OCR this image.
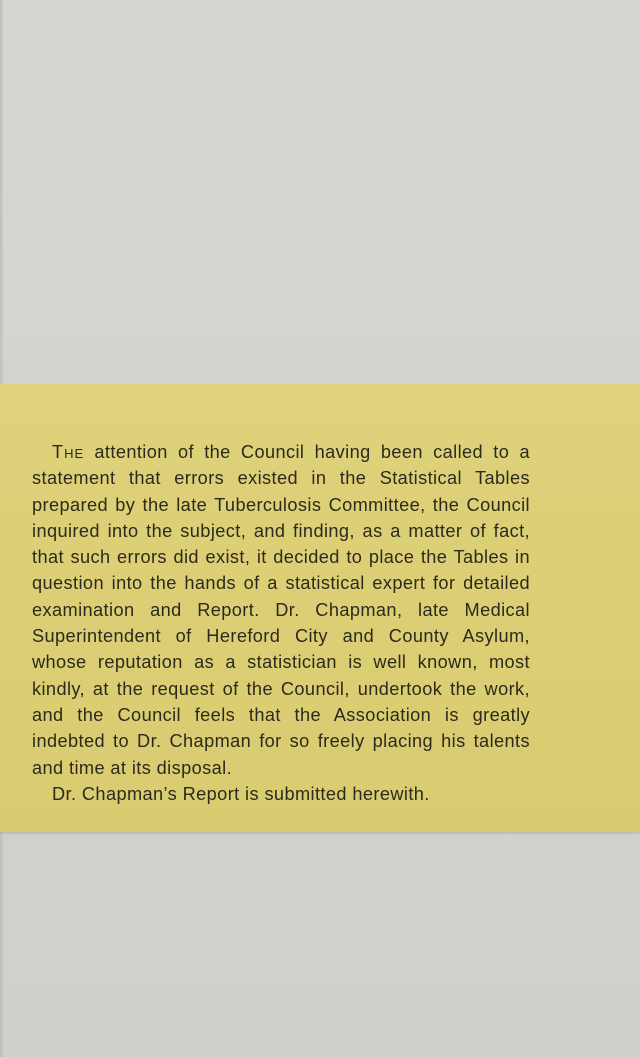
The attention of the Council having been called to a statement that errors existed in the Statistical Tables prepared by the late Tuberculosis Committee, the Council inquired into the subject, and finding, as a matter of fact, that such errors did exist, it decided to place the Tables in question into the hands of a statistical expert for detailed examination and Report. Dr. Chapman, late Medical Superintendent of Hereford City and County Asylum, whose reputation as a statistician is well known, most kindly, at the request of the Council, undertook the work, and the Council feels that the Association is greatly indebted to Dr. Chapman for so freely placing his talents and time at its disposal.

Dr. Chapman’s Report is submitted herewith.
